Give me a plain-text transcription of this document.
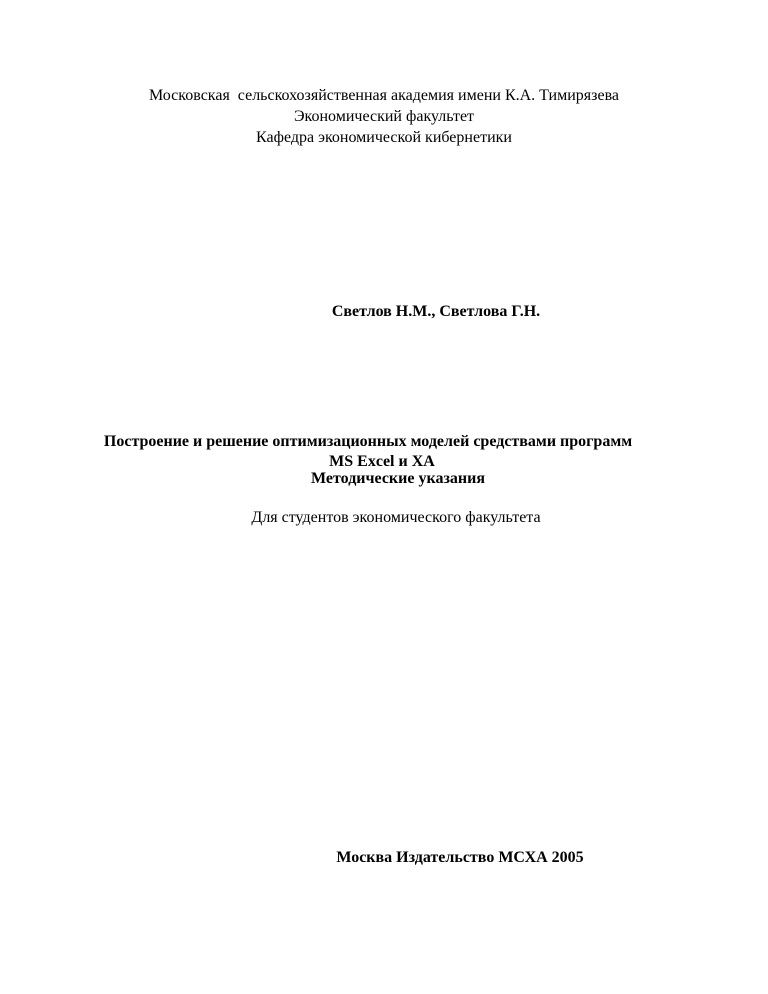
Московская  сельскохозяйственная академия имени К.А. Тимирязева
Экономический факультет
Кафедра экономической кибернетики
Светлов Н.М., Светлова Г.Н.
Построение и решение оптимизационных моделей средствами программ
MS Excel и XA
Методические указания
Для студентов экономического факультета
Москва Издательство МСХА 2005
